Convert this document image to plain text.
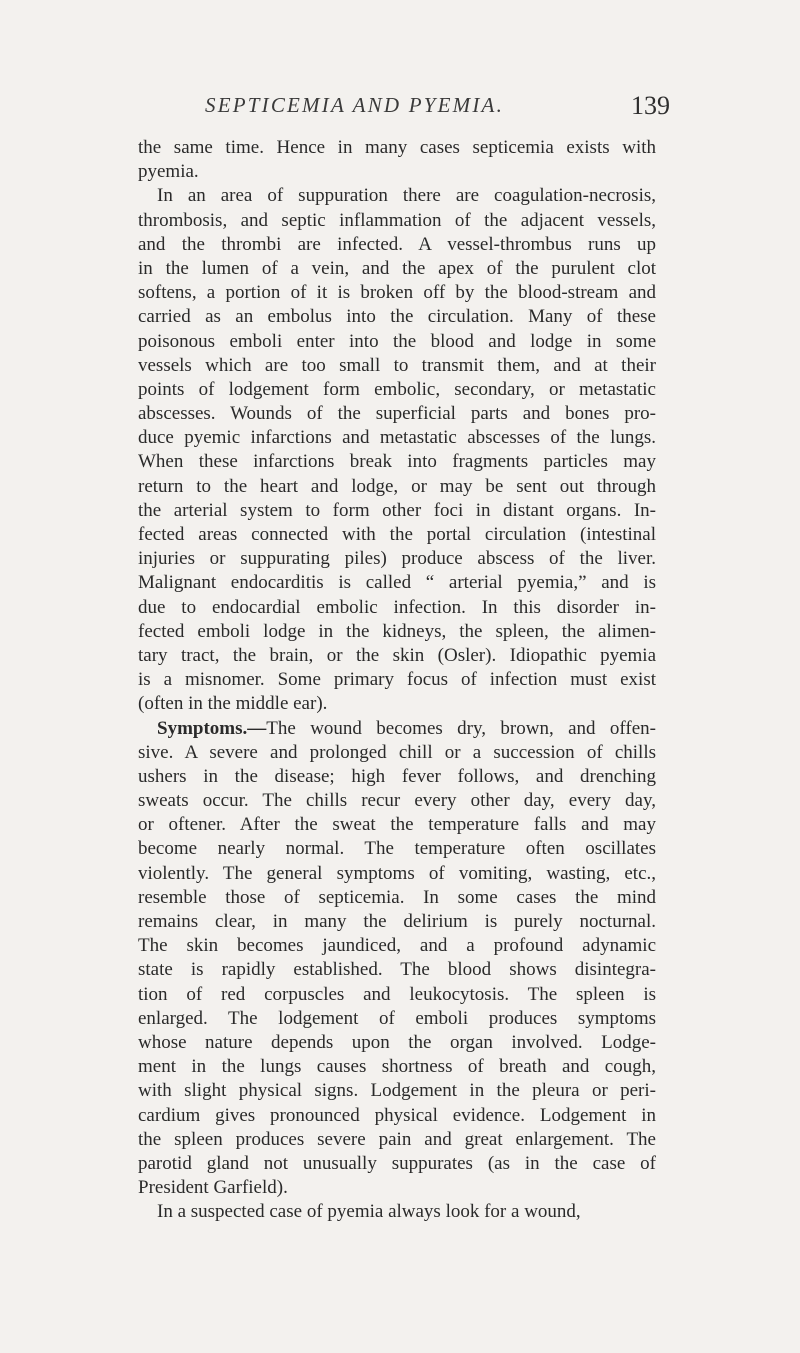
SEPTICEMIA AND PYEMIA.	139
the same time. Hence in many cases septicemia exists with
pyemia.
In an area of suppuration there are coagulation-necrosis,
thrombosis, and septic inflammation of the adjacent vessels,
and the thrombi are infected. A vessel-thrombus runs up
in the lumen of a vein, and the apex of the purulent clot
softens, a portion of it is broken off by the blood-stream and
carried as an embolus into the circulation. Many of these
poisonous emboli enter into the blood and lodge in some
vessels which are too small to transmit them, and at their
points of lodgement form embolic, secondary, or metastatic
abscesses. Wounds of the superficial parts and bones pro-
duce pyemic infarctions and metastatic abscesses of the lungs.
When these infarctions break into fragments particles may
return to the heart and lodge, or may be sent out through
the arterial system to form other foci in distant organs. In-
fected areas connected with the portal circulation (intestinal
injuries or suppurating piles) produce abscess of the liver.
Malignant endocarditis is called “ arterial pyemia,” and is
due to endocardial embolic infection. In this disorder in-
fected emboli lodge in the kidneys, the spleen, the alimen-
tary tract, the brain, or the skin (Osler). Idiopathic pyemia
is a misnomer. Some primary focus of infection must exist
(often in the middle ear).
Symptoms.—The wound becomes dry, brown, and offen-
sive. A severe and prolonged chill or a succession of chills
ushers in the disease; high fever follows, and drenching
sweats occur. The chills recur every other day, every day,
or oftener. After the sweat the temperature falls and may
become nearly normal. The temperature often oscillates
violently. The general symptoms of vomiting, wasting, etc.,
resemble those of septicemia. In some cases the mind
remains clear, in many the delirium is purely nocturnal.
The skin becomes jaundiced, and a profound adynamic
state is rapidly established. The blood shows disintegra-
tion of red corpuscles and leukocytosis. The spleen is
enlarged. The lodgement of emboli produces symptoms
whose nature depends upon the organ involved. Lodge-
ment in the lungs causes shortness of breath and cough,
with slight physical signs. Lodgement in the pleura or peri-
cardium gives pronounced physical evidence. Lodgement in
the spleen produces severe pain and great enlargement. The
parotid gland not unusually suppurates (as in the case of
President Garfield).
In a suspected case of pyemia always look for a wound,
